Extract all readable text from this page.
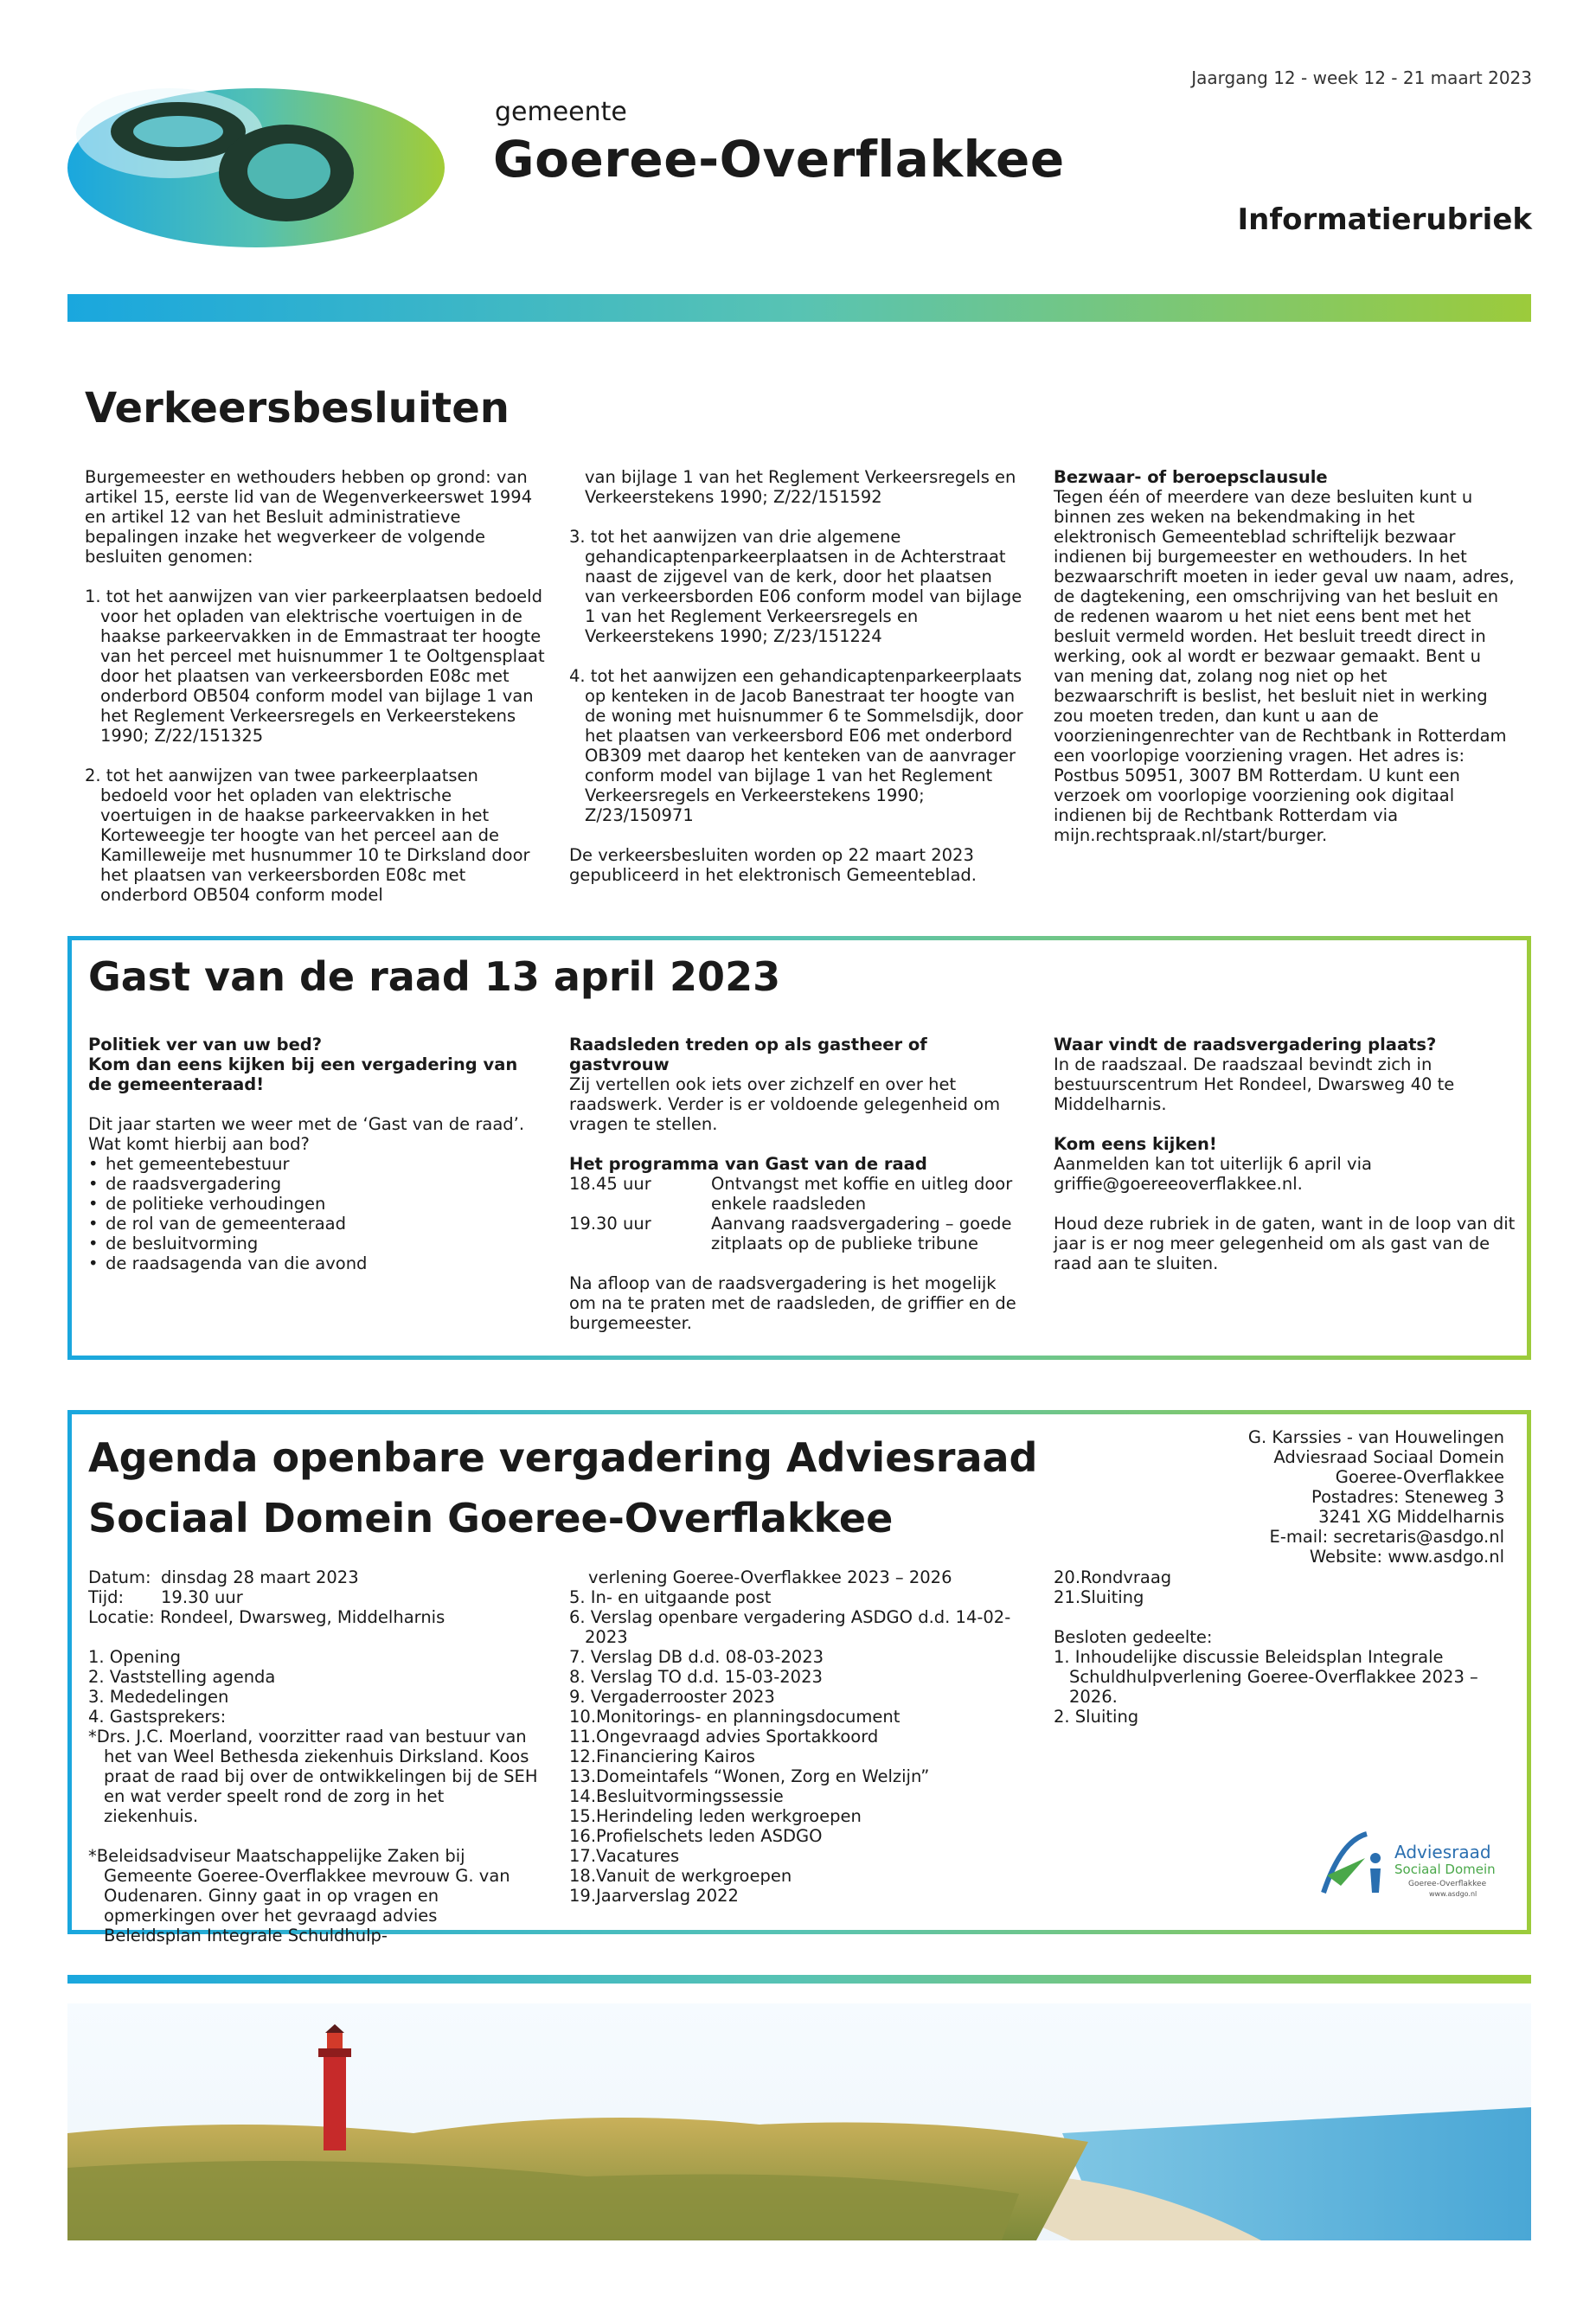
gemeente
Goeree-Overflakkee
Jaargang 12 - week 12 - 21 maart 2023
Informatierubriek
Verkeersbesluiten

Burgemeester en wethouders hebben op grond: van artikel 15, eerste lid van de Wegenverkeerswet 1994 en artikel 12 van het Besluit administratieve bepalingen inzake het wegverkeer de volgende besluiten genomen:

1. tot het aanwijzen van vier parkeerplaatsen bedoeld voor het opladen van elektrische voertuigen in de haakse parkeervakken in de Emmastraat ter hoogte van het perceel met huisnummer 1 te Ooltgensplaat door het plaatsen van verkeersborden E08c met onderbord OB504 conform model van bijlage 1 van het Reglement Verkeersregels en Verkeerstekens 1990; Z/22/151325

2. tot het aanwijzen van twee parkeerplaatsen bedoeld voor het opladen van elektrische voertuigen in de haakse parkeervakken in het Korteweegje ter hoogte van het perceel aan de Kamilleweije met husnummer 10 te Dirksland door het plaatsen van verkeersborden E08c met onderbord OB504 conform model

van bijlage 1 van het Reglement Verkeersregels en Verkeerstekens 1990; Z/22/151592

3. tot het aanwijzen van drie algemene gehandicaptenparkeerplaatsen in de Achterstraat naast de zijgevel van de kerk, door het plaatsen van verkeersborden E06 conform model van bijlage 1 van het Reglement Verkeersregels en Verkeerstekens 1990; Z/23/151224

4. tot het aanwijzen een gehandicaptenparkeerplaats op kenteken in de Jacob Banestraat ter hoogte van de woning met huisnummer 6 te Sommelsdijk, door het plaatsen van verkeersbord E06 met onderbord OB309 met daarop het kenteken van de aanvrager conform model van bijlage 1 van het Reglement Verkeersregels en Verkeerstekens 1990; Z/23/150971

De verkeersbesluiten worden op 22 maart 2023 gepubliceerd in het elektronisch Gemeenteblad.

Bezwaar- of beroepsclausule
Tegen één of meerdere van deze besluiten kunt u binnen zes weken na bekendmaking in het elektronisch Gemeenteblad schriftelijk bezwaar indienen bij burgemeester en wethouders. In het bezwaarschrift moeten in ieder geval uw naam, adres, de dagtekening, een omschrijving van het besluit en de redenen waarom u het niet eens bent met het besluit vermeld worden. Het besluit treedt direct in werking, ook al wordt er bezwaar gemaakt. Bent u van mening dat, zolang nog niet op het bezwaarschrift is beslist, het besluit niet in werking zou moeten treden, dan kunt u aan de voorzieningenrechter van de Rechtbank in Rotterdam een voorlopige voorziening vragen. Het adres is: Postbus 50951, 3007 BM Rotterdam. U kunt een verzoek om voorlopige voorziening ook digitaal indienen bij de Rechtbank Rotterdam via mijn.rechtspraak.nl/start/burger.
Gast van de raad 13 april 2023
Politiek ver van uw bed?

Kom dan eens kijken bij een vergadering van de gemeenteraad!

Dit jaar starten we weer met de ‘Gast van de raad’. Wat komt hierbij aan bod?
• het gemeentebestuur
• de raadsvergadering
• de politieke verhoudingen
• de rol van de gemeenteraad
• de besluitvorming
• de raadsagenda van die avond
Raadsleden treden op als gastheer of gastvrouw

Zij vertellen ook iets over zichzelf en over het raadswerk. Verder is er voldoende gelegenheid om vragen te stellen.

Het programma van Gast van de raad
18.45 uur	Ontvangst met koffie en uitleg door enkele raadsleden
19.30 uur	Aanvang raadsvergadering – goede zitplaats op de publieke tribune
Na afloop van de raadsvergadering is het mogelijk om na te praten met de raadsleden, de griffier en de burgemeester.
Waar vindt de raadsvergadering plaats?

In de raadszaal. De raadszaal bevindt zich in bestuurscentrum Het Rondeel, Dwarsweg 40 te Middelharnis.

Kom eens kijken!

Aanmelden kan tot uiterlijk 6 april via griffie@goereeoverflakkee.nl.

Houd deze rubriek in de gaten, want in de loop van dit jaar is er nog meer gelegenheid om als gast van de raad aan te sluiten.
Agenda openbare vergadering Adviesraad
Sociaal Domein Goeree-Overflakkee
G. Karssies - van Houwelingen
Adviesraad Sociaal Domein
Goeree-Overflakkee
Postadres: Steneweg 3
3241 XG Middelharnis
E-mail: secretaris@asdgo.nl
Website: www.asdgo.nl
Datum: dinsdag 28 maart 2023
Tijd: 19.30 uur

Locatie: Rondeel, Dwarsweg, Middelharnis

1. Opening
2. Vaststelling agenda
3. Mededelingen
4. Gastsprekers:

*Drs. J.C. Moerland, voorzitter raad van bestuur van het van Weel Bethesda ziekenhuis Dirksland. Koos praat de raad bij over de ontwikkelingen bij de SEH en wat verder speelt rond de zorg in het ziekenhuis.

*Beleidsadviseur Maatschappelijke Zaken bij Gemeente Goeree-Overflakkee mevrouw G. van Oudenaren. Ginny gaat in op vragen en opmerkingen over het gevraagd advies Beleidsplan Integrale Schuldhulp-
verlening Goeree-Overflakkee 2023 – 2026
5. In- en uitgaande post
6. Verslag openbare vergadering ASDGO d.d. 14-02-2023
7. Verslag DB d.d. 08-03-2023
8. Verslag TO d.d. 15-03-2023
9. Vergaderrooster 2023
10.Monitorings- en planningsdocument
11.Ongevraagd advies Sportakkoord
12.Financiering Kairos
13.Domeintafels “Wonen, Zorg en Welzijn”
14.Besluitvormingssessie
15.Herindeling leden werkgroepen
16.Profielschets leden ASDGO
17.Vacatures
18.Vanuit de werkgroepen
19.Jaarverslag 2022
20.Rondvraag

21.Sluiting

Besloten gedeelte:
1. Inhoudelijke discussie Beleidsplan Integrale Schuldhulpverlening Goeree-Overflakkee 2023 – 2026.
2. Sluiting
Adviesraad
Sociaal Domein
Goeree-Overflakkee
www.asdgo.nl
